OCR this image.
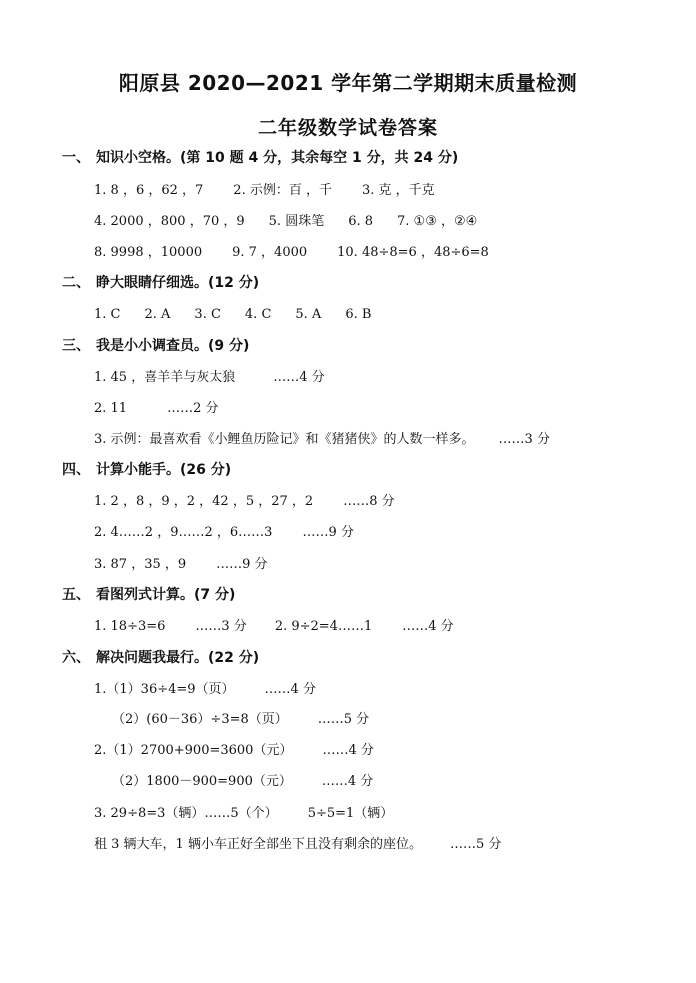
阳原县 2020—2021 学年第二学期期末质量检测
二年级数学试卷答案
一、 知识小空格。(第 10 题 4 分，其余每空 1 分，共 24 分)
1. 8 ，6 ，62 ，7 2. 示例：百 ，千 3. 克 ，千克
4. 2000 ，800 ，70 ，9 5. 圆珠笔 6. 8 7. ①③ ，②④
8. 9998 ，10000 9. 7 ，4000 10. 48÷8=6 ，48÷6=8
二、 睁大眼睛仔细选。(12 分)
1. C 2. A 3. C 4. C 5. A 6. B
三、 我是小小调查员。(9 分)
1. 45 ，喜羊羊与灰太狼	……4 分
2. 11	……2 分
3. 示例：最喜欢看《小鲤鱼历险记》和《猪猪侠》的人数一样多。 ……3 分
四、 计算小能手。(26 分)
1. 2 ，8 ，9 ，2 ，42 ，5 ，27 ，2 ……8 分
2. 4……2 ，9……2 ，6……3 ……9 分
3. 87 ，35 ，9 ……9 分
五、 看图列式计算。(7 分)
1. 18÷3=6 ……3 分 2. 9÷2=4……1 ……4 分
六、 解决问题我最行。(22 分)
1.（1）36÷4=9（页） ……4 分
（2）(60－36）÷3=8（页） ……5 分
2.（1）2700+900=3600（元） ……4 分
（2）1800－900=900（元） ……4 分
3. 29÷8=3（辆）……5（个） 5÷5=1（辆）
租 3 辆大车，1 辆小车正好全部坐下且没有剩余的座位。 ……5 分
